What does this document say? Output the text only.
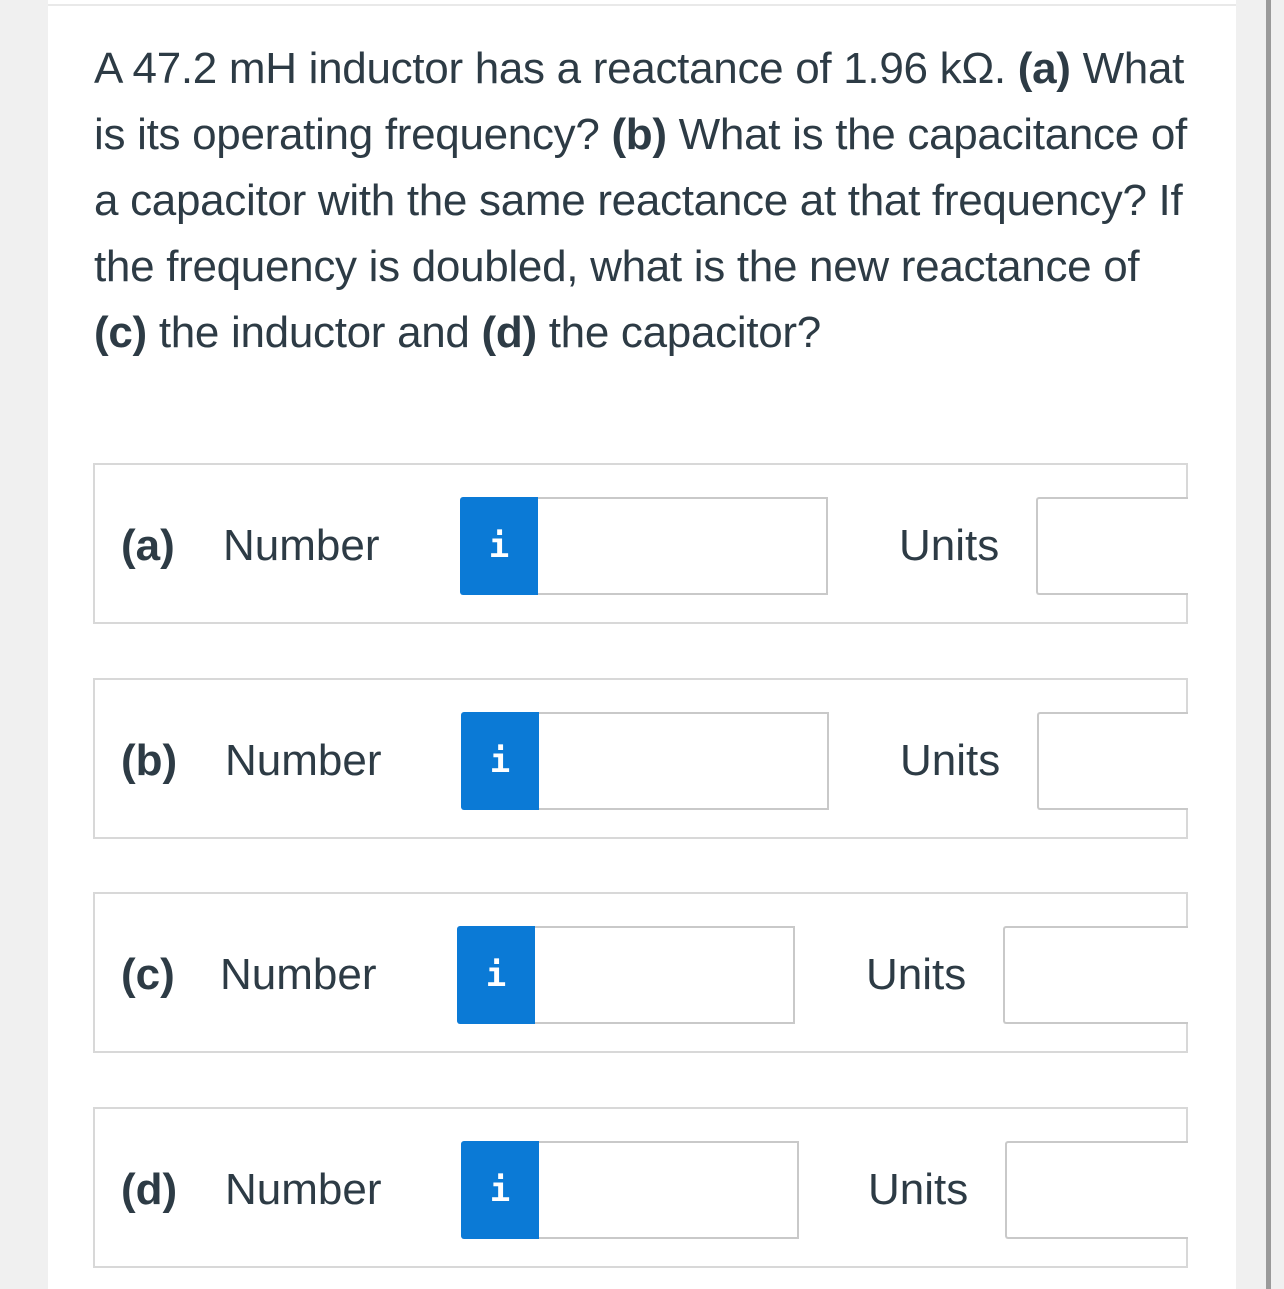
A 47.2 mH inductor has a reactance of 1.96 kΩ. (a) What is its operating frequency? (b) What is the capacitance of a capacitor with the same reactance at that frequency? If the frequency is doubled, what is the new reactance of (c) the inductor and (d) the capacitor?

(a) Number	i	Units
(b) Number	i	Units
(c) Number	i	Units
(d) Number	i	Units
